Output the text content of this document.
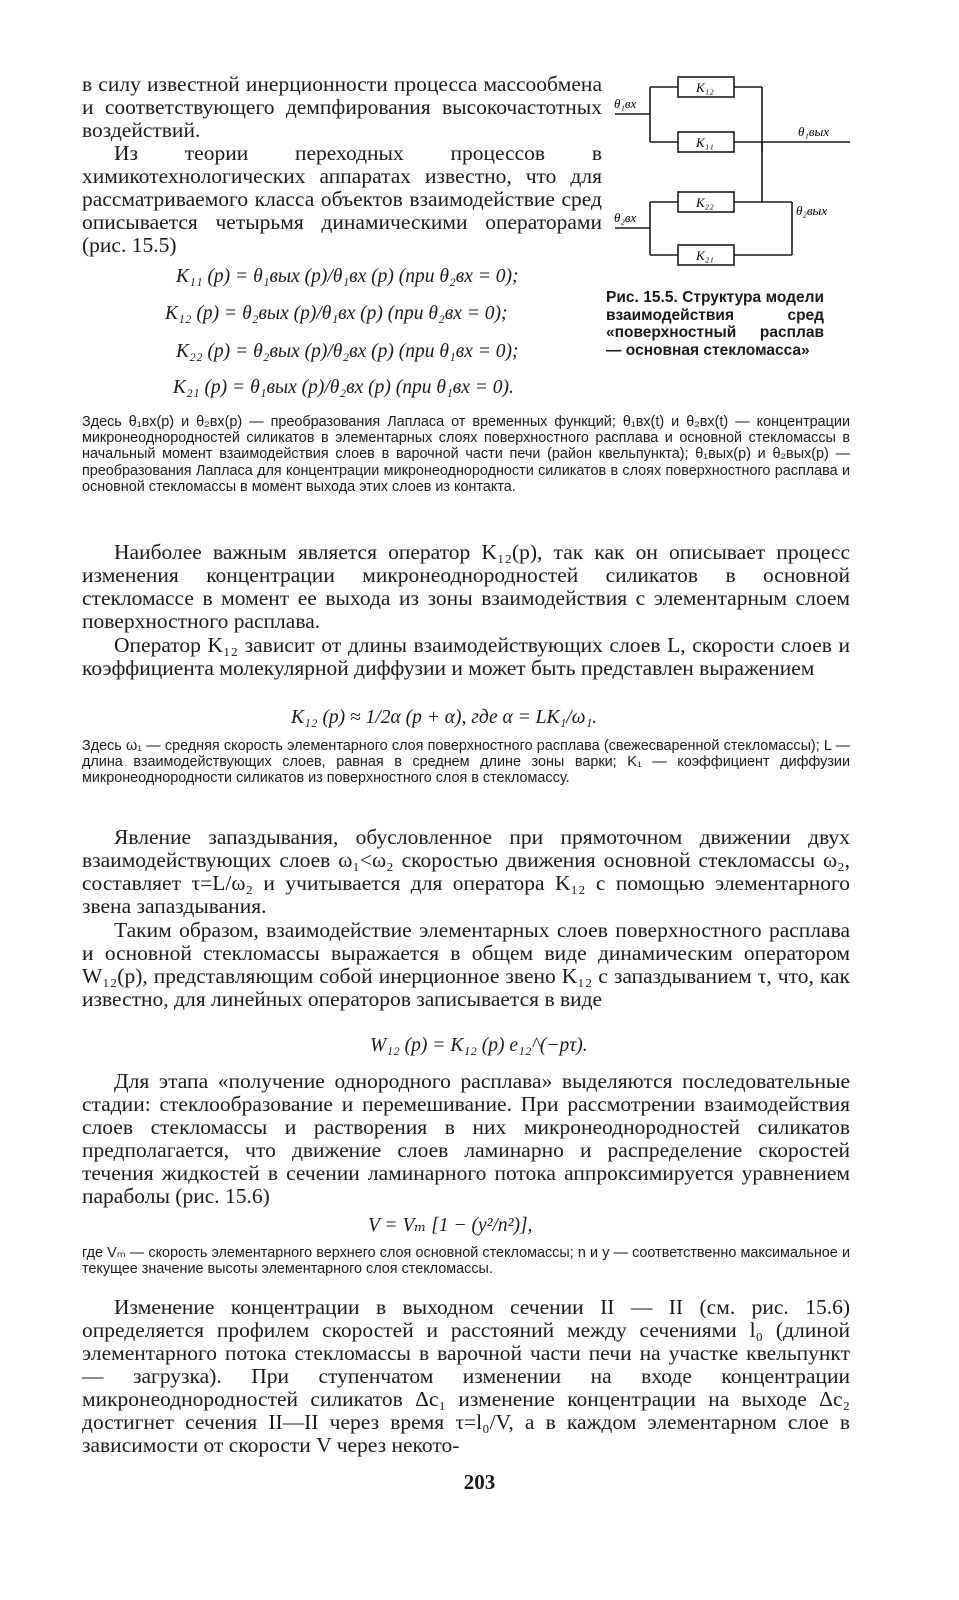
в силу известной инерционности процесса массообмена и соответствующего демпфирования высокочастотных воздействий.

Из теории переходных процессов в химикотехнологических аппаратах известно, что для рассматриваемого класса объектов взаимодействие сред описывается четырьмя динамическими операторами (рис. 15.5)

K₁₂
K₁₁
K₂₂
K₂₁
θ₁вх
θ₂вх
θ₁вых
θ₂вых

Рис. 15.5. Структура модели взаимодействия сред «поверхностный расплав — основная стекломасса»

K₁₁ (p) = θ₁вых (p)/θ₁вх (p) (при θ₂вх = 0);

K₁₂ (p) = θ₂вых (p)/θ₁вх (p) (при θ₂вх = 0);

K₂₂ (p) = θ₂вых (p)/θ₂вх (p) (при θ₁вх = 0);

K₂₁ (p) = θ₁вых (p)/θ₂вх (p) (при θ₁вх = 0).

Здесь θ₁вх(p) и θ₂вх(p) — преобразования Лапласа от временных функций; θ₁вх(t) и θ₂вх(t) — концентрации микронеоднородностей силикатов в элементарных слоях поверхностного расплава и основной стекломассы в начальный момент взаимодействия слоев в варочной части печи (район квельпункта); θ₁вых(p) и θ₂вых(p) — преобразования Лапласа для концентрации микронеоднородности силикатов в слоях поверхностного расплава и основной стекломассы в момент выхода этих слоев из контакта.

Наиболее важным является оператор K₁₂(p), так как он описывает процесс изменения концентрации микронеоднородностей силикатов в основной стекломассе в момент ее выхода из зоны взаимодействия с элементарным слоем поверхностного расплава.

Оператор K₁₂ зависит от длины взаимодействующих слоев L, скорости слоев и коэффициента молекулярной диффузии и может быть представлен выражением

K₁₂ (p) ≈ 1/2α (p + α), где α = LK₁/ω₁.

Здесь ω₁ — средняя скорость элементарного слоя поверхностного расплава (свежесваренной стекломассы); L — длина взаимодействующих слоев, равная в среднем длине зоны варки; K₁ — коэффициент диффузии микронеоднородности силикатов из поверхностного слоя в стекломассу.

Явление запаздывания, обусловленное при прямоточном движении двух взаимодействующих слоев ω₁<ω₂ скоростью движения основной стекломассы ω₂, составляет τ=L/ω₂ и учитывается для оператора K₁₂ с помощью элементарного звена запаздывания.

Таким образом, взаимодействие элементарных слоев поверхностного расплава и основной стекломассы выражается в общем виде динамическим оператором W₁₂(p), представляющим собой инерционное звено K₁₂ с запаздыванием τ, что, как известно, для линейных операторов записывается в виде

W₁₂ (p) = K₁₂ (p) e₁₂^(−pτ).

Для этапа «получение однородного расплава» выделяются последовательные стадии: стеклообразование и перемешивание. При рассмотрении взаимодействия слоев стекломассы и растворения в них микронеоднородностей силикатов предполагается, что движение слоев ламинарно и распределение скоростей течения жидкостей в сечении ламинарного потока аппроксимируется уравнением параболы (рис. 15.6)

V = Vₘ [1 − (y²/n²)],

где Vₘ — скорость элементарного верхнего слоя основной стекломассы; n и y — соответственно максимальное и текущее значение высоты элементарного слоя стекломассы.

Изменение концентрации в выходном сечении II — II (см. рис. 15.6) определяется профилем скоростей и расстояний между сечениями l₀ (длиной элементарного потока стекломассы в варочной части печи на участке квельпункт — загрузка). При ступенчатом изменении на входе концентрации микронеоднородностей силикатов Δc₁ изменение концентрации на выходе Δc₂ достигнет сечения II—II через время τ=l₀/V, а в каждом элементарном слое в зависимости от скорости V через некото-

203
